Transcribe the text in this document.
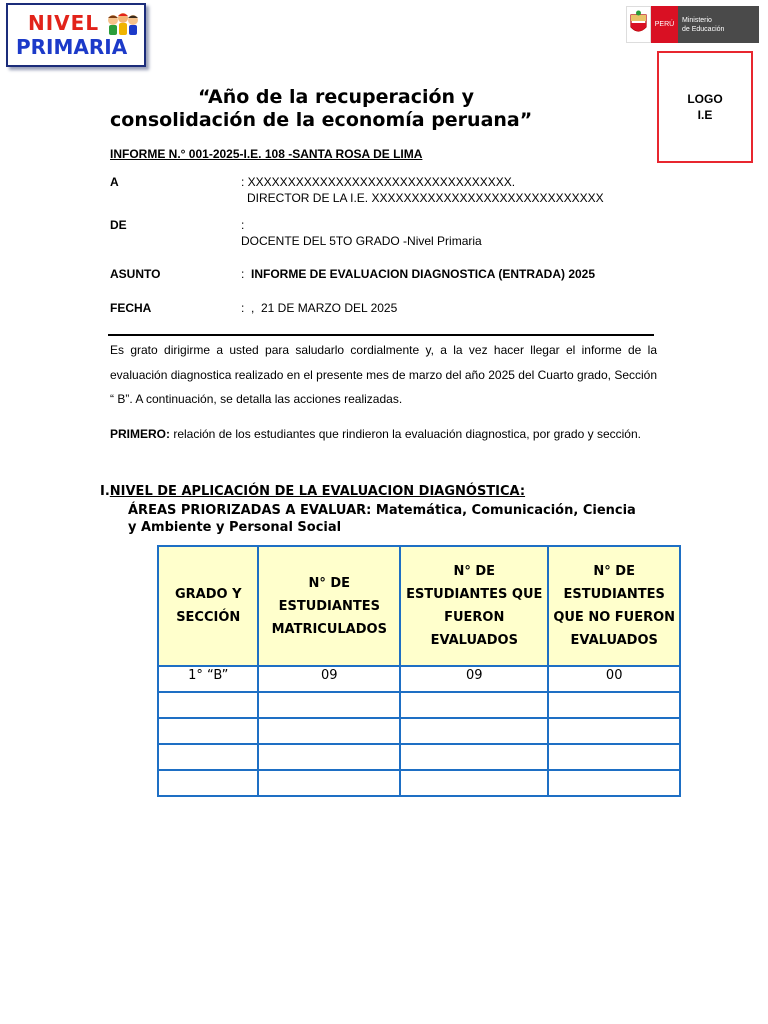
NIVEL
PRIMARIA
PERÚ
Ministerio
de Educación
LOGO
I.E
“Año de la recuperación y
consolidación de la economía peruana”
INFORME N.° 001-2025-I.E. 108 -SANTA ROSA DE LIMA
A	: XXXXXXXXXXXXXXXXXXXXXXXXXXXXXXXXX.
DIRECTOR DE LA I.E. XXXXXXXXXXXXXXXXXXXXXXXXXXXXX
DE	:
DOCENTE DEL 5TO GRADO -Nivel Primaria
ASUNTO	: INFORME DE EVALUACION DIAGNOSTICA (ENTRADA) 2025
FECHA	:  ,  21 DE MARZO DEL 2025
Es grato dirigirme a usted para saludarlo cordialmente y, a la vez hacer llegar el informe de la evaluación diagnostica realizado en el presente mes de marzo del año 2025 del Cuarto grado, Sección “ B”. A continuación, se detalla las acciones realizadas.
PRIMERO: relación de los estudiantes que rindieron la evaluación diagnostica, por grado y sección.
I.NIVEL DE APLICACIÓN DE LA EVALUACION DIAGNÓSTICA:
ÁREAS PRIORIZADAS A EVALUAR: Matemática, Comunicación, Ciencia y Ambiente y Personal Social
GRADO Y SECCIÓN	N° DE ESTUDIANTES MATRICULADOS	N° DE ESTUDIANTES QUE FUERON EVALUADOS	N° DE ESTUDIANTES QUE NO FUERON EVALUADOS
1° “B”	09	09	00
